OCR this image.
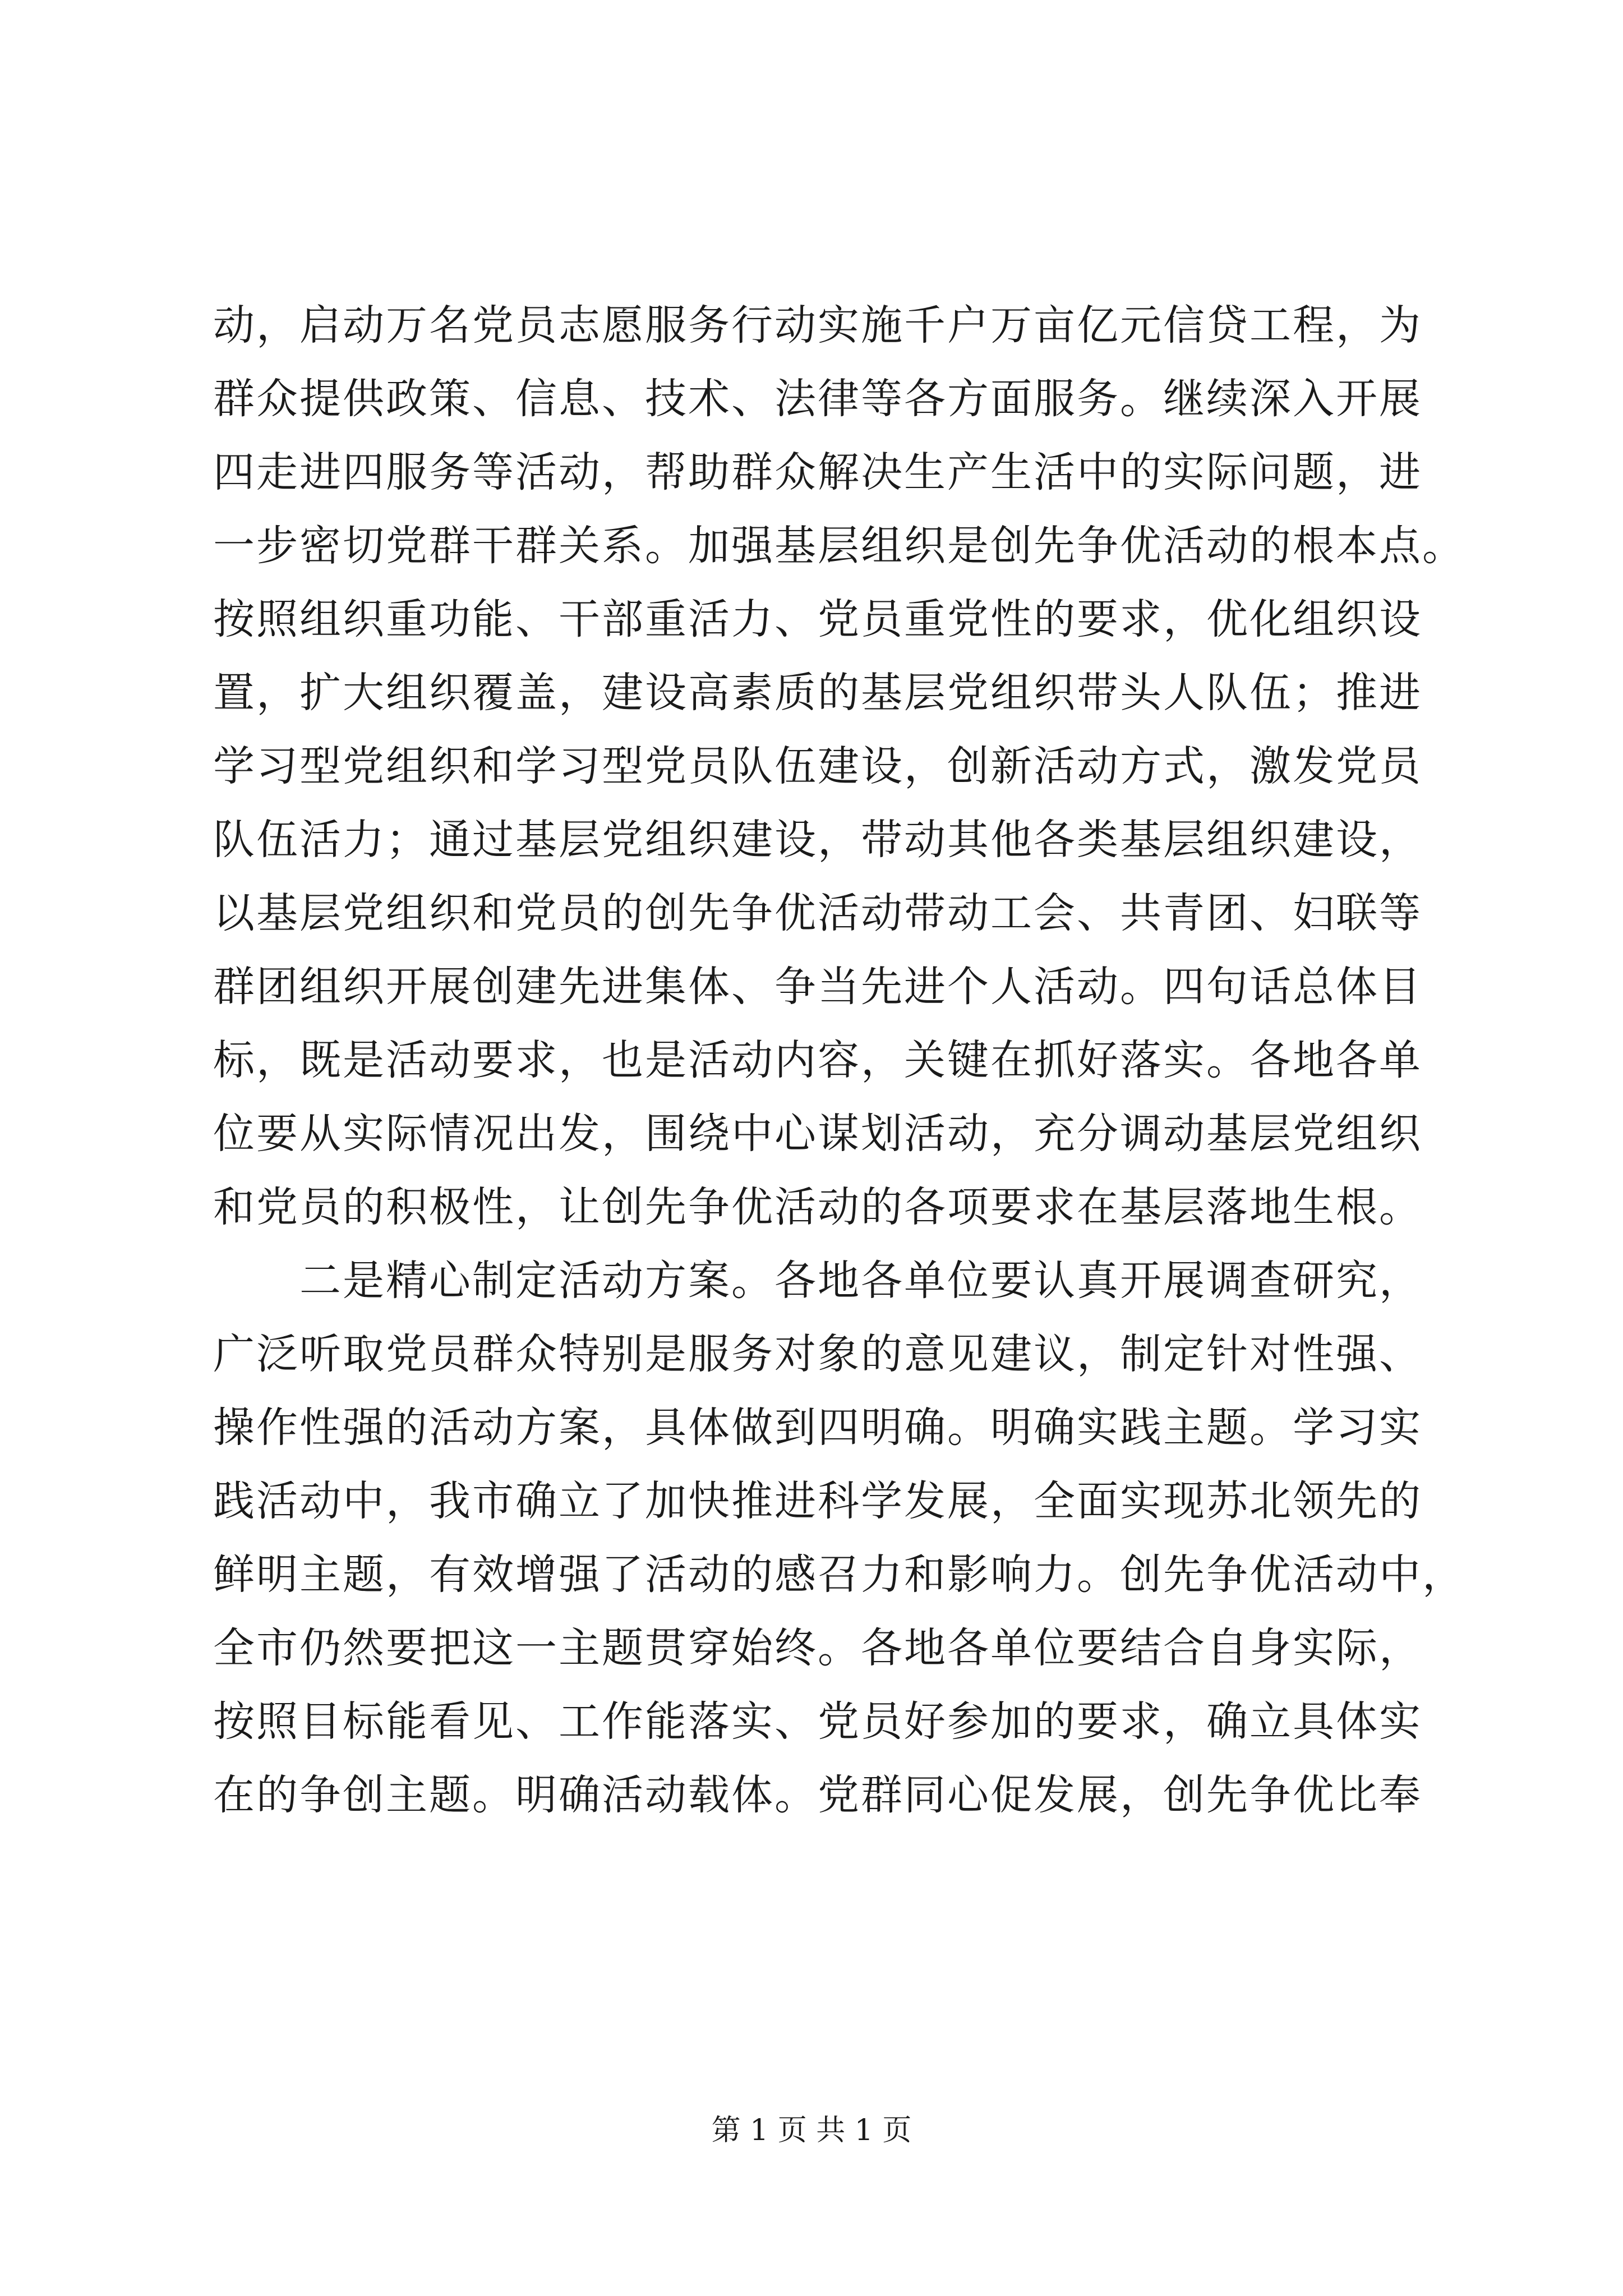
动，启动万名党员志愿服务行动实施千户万亩亿元信贷工程，为
群众提供政策、信息、技术、法律等各方面服务。继续深入开展
四走进四服务等活动，帮助群众解决生产生活中的实际问题，进
一步密切党群干群关系。加强基层组织是创先争优活动的根本点。
按照组织重功能、干部重活力、党员重党性的要求，优化组织设
置，扩大组织覆盖，建设高素质的基层党组织带头人队伍；推进
学习型党组织和学习型党员队伍建设，创新活动方式，激发党员
队伍活力；通过基层党组织建设，带动其他各类基层组织建设，
以基层党组织和党员的创先争优活动带动工会、共青团、妇联等
群团组织开展创建先进集体、争当先进个人活动。四句话总体目
标，既是活动要求，也是活动内容，关键在抓好落实。各地各单
位要从实际情况出发，围绕中心谋划活动，充分调动基层党组织
和党员的积极性，让创先争优活动的各项要求在基层落地生根。
二是精心制定活动方案。各地各单位要认真开展调查研究，
广泛听取党员群众特别是服务对象的意见建议，制定针对性强、
操作性强的活动方案，具体做到四明确。明确实践主题。学习实
践活动中，我市确立了加快推进科学发展，全面实现苏北领先的
鲜明主题，有效增强了活动的感召力和影响力。创先争优活动中，
全市仍然要把这一主题贯穿始终。各地各单位要结合自身实际，
按照目标能看见、工作能落实、党员好参加的要求，确立具体实
在的争创主题。明确活动载体。党群同心促发展，创先争优比奉
第 1 页 共 1 页
